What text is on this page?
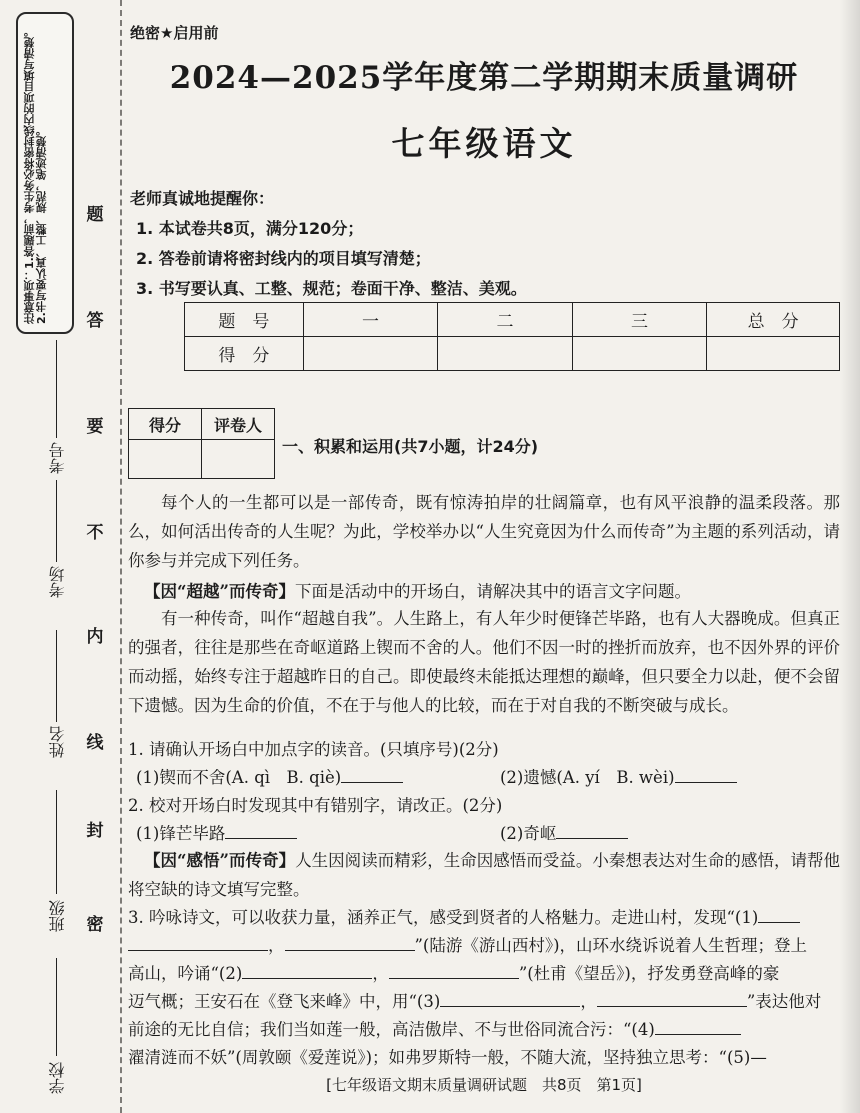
注意事项：1.答题前，考生务必将密封线内的项目填写清楚。2.书写要认真、工整、规范，笔迹清楚。
学校
班级
姓名
考场
考号
题
答
要
不
内
线
封
密
绝密★启用前
2024—2025学年度第二学期期末质量调研
七年级语文
老师真诚地提醒你：
1. 本试卷共8页，满分120分；
2. 答卷前请将密封线内的项目填写清楚；
3. 书写要认真、工整、规范；卷面干净、整洁、美观。
题　号	一	二	三	总　分
得　分				
得分	评卷人

一、积累和运用(共7小题，计24分)
每个人的一生都可以是一部传奇，既有惊涛拍岸的壮阔篇章，也有风平浪静的温柔段落。那么，如何活出传奇的人生呢？为此，学校举办以“人生究竟因为什么而传奇”为主题的系列活动，请你参与并完成下列任务。
【因“超越”而传奇】下面是活动中的开场白，请解决其中的语言文字问题。
有一种传奇，叫作“超越自我”。人生路上，有人年少时便锋芒毕路，也有人大器晚成。但真正的强者，往往是那些在奇岖道路上锲而不舍的人。他们不因一时的挫折而放弃，也不因外界的评价而动摇，始终专注于超越昨日的自己。即使最终未能抵达理想的巅峰，但只要全力以赴，便不会留下遗憾。因为生命的价值，不在于与他人的比较，而在于对自我的不断突破与成长。
1. 请确认开场白中加点字的读音。(只填序号)(2分)
(1)锲而不舍(A. qì　B. qiè)	(2)遗憾(A. yí　B. wèi)
2. 校对开场白时发现其中有错别字，请改正。(2分)
(1)锋芒毕路	(2)奇岖
【因“感悟”而传奇】人生因阅读而精彩，生命因感悟而受益。小秦想表达对生命的感悟，请帮他将空缺的诗文填写完整。
3. 吟咏诗文，可以收获力量，涵养正气，感受到贤者的人格魅力。走进山村，发现“(1)
，	”(陆游《游山西村》)，山环水绕诉说着人生哲理；登上
高山，吟诵“(2)	，	”(杜甫《望岳》)，抒发勇登高峰的豪
迈气概；王安石在《登飞来峰》中，用“(3)	，	”表达他对
前途的无比自信；我们当如莲一般，高洁傲岸、不与世俗同流合污：“(4)
濯清涟而不妖”(周敦颐《爱莲说》)；如弗罗斯特一般，不随大流，坚持独立思考：“(5)—
[七年级语文期末质量调研试题　共8页　第1页]
